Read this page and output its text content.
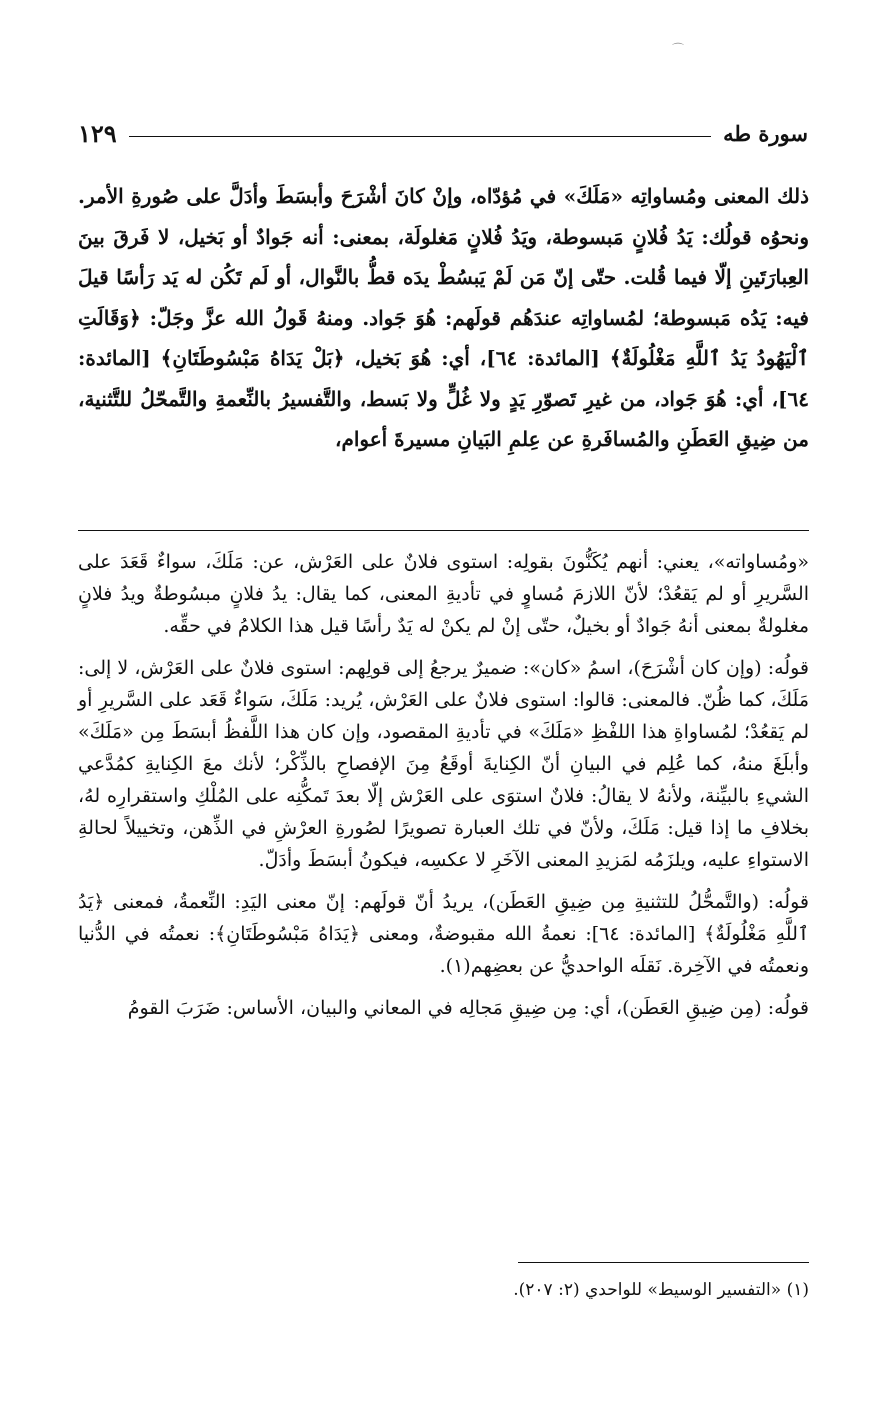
⌒
سورة طه
١٢٩

ذلك المعنى ومُساواتِه «مَلَكَ» في مُؤدّاه، وإنْ كانَ أشْرَحَ وأبسَطَ وأدَلَّ على صُورةِ الأمر. ونحوُه قولُك: يَدُ فُلانٍ مَبسوطة، ويَدُ فُلانٍ مَغلولَة، بمعنى: أنه جَوادٌ أو بَخيل، لا فَرقَ بينَ العِبارَتَينِ إلّا فيما قُلت. حتّى إنّ مَن لَمْ يَبسُطْ يدَه قطُّ بالنَّوال، أو لَم تَكُن له يَد رَأسًا قيلَ فيه: يَدُه مَبسوطة؛ لمُساواتِه عندَهُم قولَهم: هُوَ جَواد. ومنهُ قَولُ الله عزَّ وجَلّ: ﴿وَقَالَتِ ٱلْيَهُودُ يَدُ ٱللَّهِ مَغْلُولَةٌ﴾ [المائدة: ٦٤]، أي: هُوَ بَخيل، ﴿بَلْ يَدَاهُ مَبْسُوطَتَانِ﴾ [المائدة: ٦٤]، أي: هُوَ جَواد، من غيرِ تَصوّرِ يَدٍ ولا غُلٍّ ولا بَسط، والتَّفسيرُ بالنِّعمةِ والتَّمحّلُ للتَّثنية، من ضِيقِ العَطَنِ والمُسافَرةِ عن عِلمِ البَيانِ مسيرةَ أعوام،

«ومُساواته»، يعني: أنهم يُكَنُّونَ بقولِه: استوى فلانٌ على العَرْش، عن: مَلَكَ، سواءٌ قَعَدَ على السَّريرِ أو لم يَقعُدْ؛ لأنّ اللازمَ مُساوٍ في تأديةِ المعنى، كما يقال: يدُ فلانٍ مبسُوطةٌ ويدُ فلانٍ مغلولةٌ بمعنى أنهُ جَوادٌ أو بخيلٌ، حتّى إنْ لم يكنْ له يَدٌ رأسًا قيل هذا الكلامُ في حقِّه.

قولُه: (وإن كان أشْرَحَ)، اسمُ «كان»: ضميرٌ يرجعُ إلى قولِهم: استوى فلانٌ على العَرْش، لا إلى: مَلَكَ، كما ظُنّ. فالمعنى: قالوا: استوى فلانٌ على العَرْش، يُريد: مَلَكَ، سَواءٌ قَعَد على السَّريرِ أو لم يَقعُدْ؛ لمُساواةِ هذا اللفْظِ «مَلَكَ» في تأديةِ المقصود، وإن كان هذا اللَّفظُ أبسَطَ مِن «مَلَكَ» وأبلَغَ منهُ، كما عُلِم في البيانِ أنّ الكِنايةَ أوقَعُ مِنَ الإفصاحِ بالذِّكْر؛ لأنك معَ الكِنايةِ كمُدَّعي الشيءِ بالبيِّنة، ولأنهُ لا يقالُ: فلانٌ استوَى على العَرْش إلّا بعدَ تَمكُّنِه على المُلْكِ واستقرارِه لهُ، بخلافِ ما إذا قيل: مَلَكَ، ولأنّ في تلك العبارة تصويرًا لصُورةِ العرْشِ في الذِّهن، وتخييلاً لحالةِ الاستواءِ عليه، ويلزَمُه لمَزيدِ المعنى الآخَرِ لا عكسِه، فيكونُ أبسَطَ وأدَلّ.

قولُه: (والتَّمحُّلُ للتثنيةِ مِن ضِيقِ العَطَن)، يريدُ أنّ قولَهم: إنّ معنى اليَدِ: النِّعمةُ، فمعنى ﴿يَدُ ٱللَّهِ مَغْلُولَةٌ﴾ [المائدة: ٦٤]: نعمةُ الله مقبوضةٌ، ومعنى ﴿يَدَاهُ مَبْسُوطَتَانِ﴾: نعمتُه في الدُّنيا ونعمتُه في الآخِرة. نَقلَه الواحديُّ عن بعضِهم(١).

قولُه: (مِن ضِيقِ العَطَن)، أي: مِن ضِيقِ مَجالِه في المعاني والبيان، الأساس: ضَرَبَ القومُ

(١) «التفسير الوسيط» للواحدي (٢: ٢٠٧).
